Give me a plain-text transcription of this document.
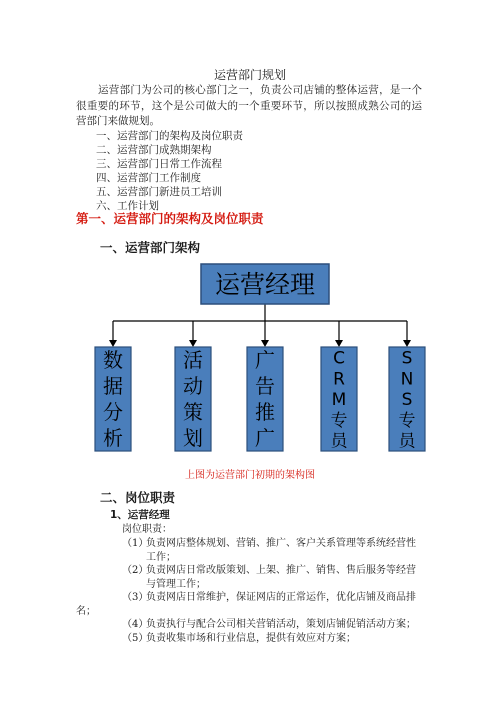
运营部门规划
运营部门为公司的核心部门之一，负责公司店铺的整体运营，是一个很重要的环节，这个是公司做大的一个重要环节，所以按照成熟公司的运营部门来做规划。
一、运营部门的架构及岗位职责
二、运营部门成熟期架构
三、运营部门日常工作流程
四、运营部门工作制度
五、运营部门新进员工培训
六、工作计划
第一、运营部门的架构及岗位职责
一、运营部门架构
运营经理
数
据
分
析
活
动
策
划
广
告
推
广
C
R
M
专
员
S
N
S
专
员
上图为运营部门初期的架构图
二、岗位职责
1、运营经理
岗位职责：
（1）
负责网店整体规划、营销、推广、客户关系管理等系统经营性
工作；
（2）
负责网店日常改版策划、上架、推广、销售、售后服务等经营
与管理工作；
（3）
负责网店日常维护，保证网店的正常运作，优化店铺及商品排
名；
（4）
负责执行与配合公司相关营销活动，策划店铺促销活动方案；
（5）
负责收集市场和行业信息，提供有效应对方案；
